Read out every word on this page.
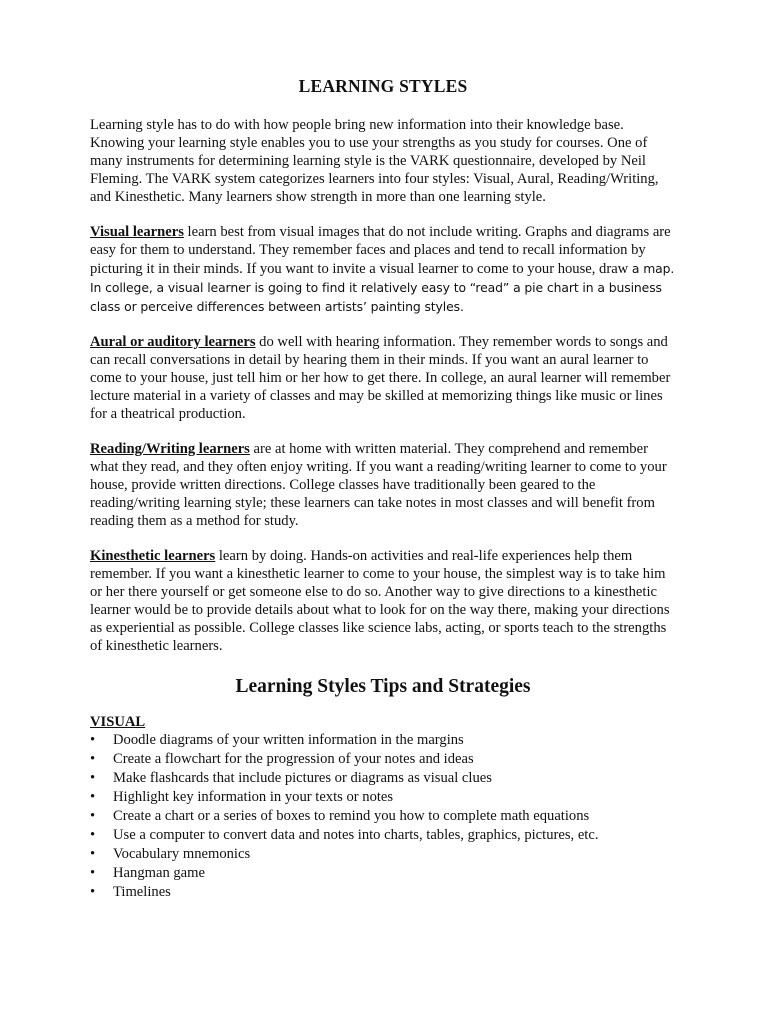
LEARNING STYLES

Learning style has to do with how people bring new information into their knowledge base. Knowing your learning style enables you to use your strengths as you study for courses. One of many instruments for determining learning style is the VARK questionnaire, developed by Neil Fleming. The VARK system categorizes learners into four styles: Visual, Aural, Reading/Writing, and Kinesthetic. Many learners show strength in more than one learning style.

Visual learners learn best from visual images that do not include writing. Graphs and diagrams are easy for them to understand. They remember faces and places and tend to recall information by picturing it in their minds. If you want to invite a visual learner to come to your house, draw a map. In college, a visual learner is going to find it relatively easy to “read” a pie chart in a business class or perceive differences between artists’ painting styles.

Aural or auditory learners do well with hearing information. They remember words to songs and can recall conversations in detail by hearing them in their minds. If you want an aural learner to come to your house, just tell him or her how to get there. In college, an aural learner will remember lecture material in a variety of classes and may be skilled at memorizing things like music or lines for a theatrical production.

Reading/Writing learners are at home with written material. They comprehend and remember what they read, and they often enjoy writing. If you want a reading/writing learner to come to your house, provide written directions. College classes have traditionally been geared to the reading/writing learning style; these learners can take notes in most classes and will benefit from reading them as a method for study.

Kinesthetic learners learn by doing. Hands-on activities and real-life experiences help them remember. If you want a kinesthetic learner to come to your house, the simplest way is to take him or her there yourself or get someone else to do so. Another way to give directions to a kinesthetic learner would be to provide details about what to look for on the way there, making your directions as experiential as possible. College classes like science labs, acting, or sports teach to the strengths of kinesthetic learners.

Learning Styles Tips and Strategies
VISUAL
• Doodle diagrams of your written information in the margins
• Create a flowchart for the progression of your notes and ideas
• Make flashcards that include pictures or diagrams as visual clues
• Highlight key information in your texts or notes
• Create a chart or a series of boxes to remind you how to complete math equations
• Use a computer to convert data and notes into charts, tables, graphics, pictures, etc.
• Vocabulary mnemonics
• Hangman game
• Timelines
